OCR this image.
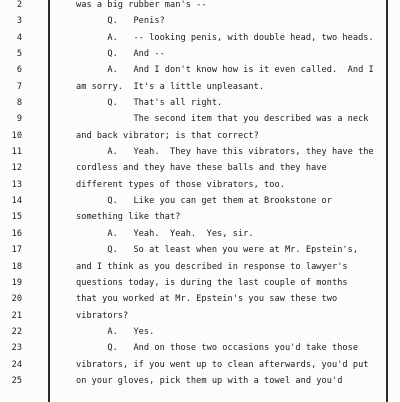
2	was a big rubber man's --
3	Q.   Penis?
4	A.   -- looking penis, with double head, two heads.
5	Q.   And --
6	A.   And I don't know how is it even called.  And I
7	am sorry.  It's a little unpleasant.
8	Q.   That's all right.
9	The second item that you described was a neck
10	and back vibrator; is that correct?
11	A.   Yeah.  They have this vibrators, they have the
12	cordless and they have these balls and they have
13	different types of those vibrators, too.
14	Q.   Like you can get them at Brookstone or
15	something like that?
16	A.   Yeah.  Yeah.  Yes, sir.
17	Q.   So at least when you were at Mr. Epstein's,
18	and I think as you described in response to lawyer's
19	questions today, is during the last couple of months
20	that you worked at Mr. Epstein's you saw these two
21	vibrators?
22	A.   Yes.
23	Q.   And on those two occasions you'd take those
24	vibrators, if you went up to clean afterwards, you'd put
25	on your gloves, pick them up with a towel and you'd
